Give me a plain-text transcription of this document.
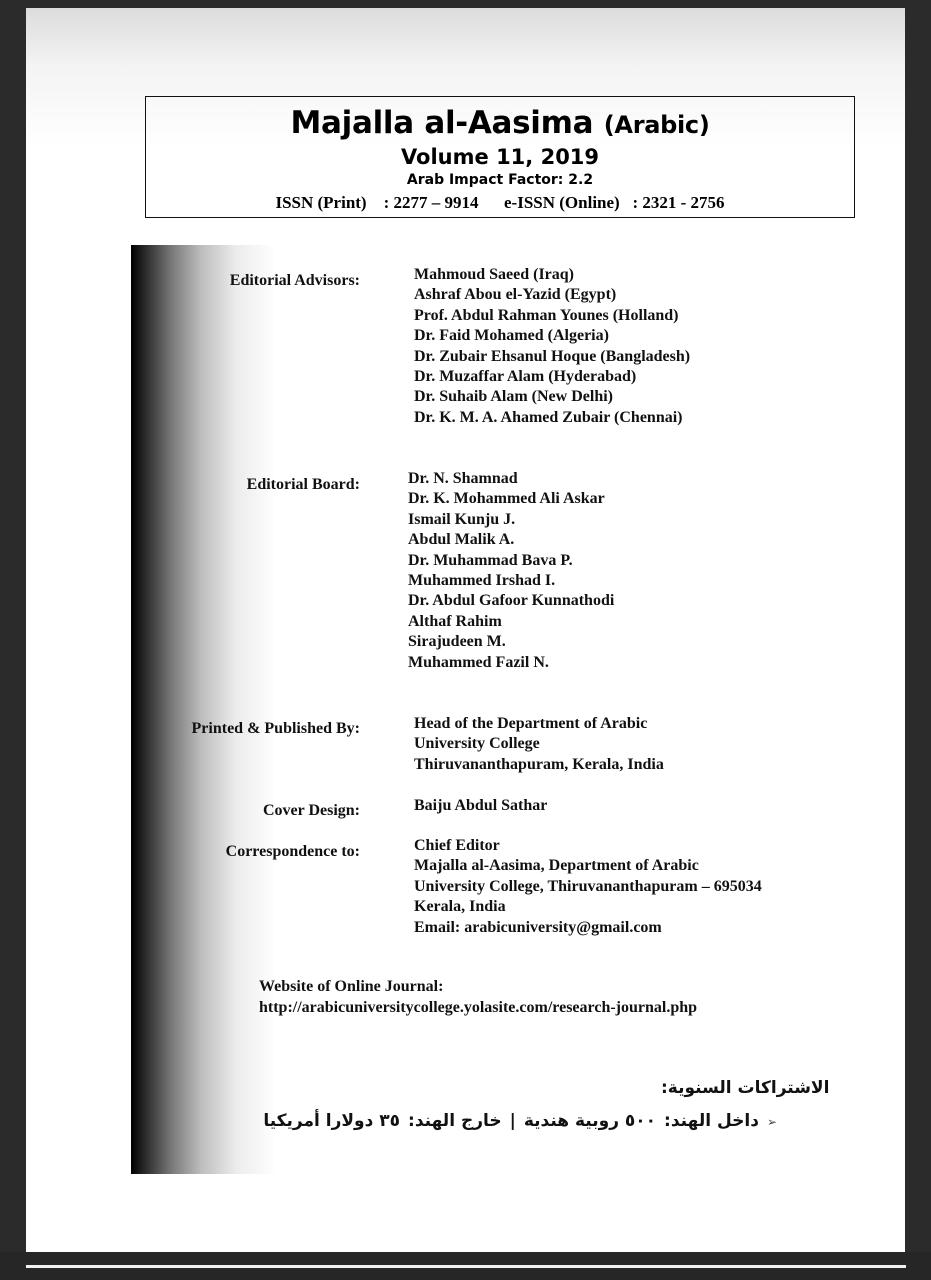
Majalla al-Aasima (Arabic)
Volume 11, 2019
Arab Impact Factor: 2.2
ISSN (Print)    : 2277 – 9914      e-ISSN (Online)   : 2321 - 2756
Editorial Advisors:	Mahmoud Saeed (Iraq)
Ashraf Abou el-Yazid (Egypt)
Prof. Abdul Rahman Younes (Holland)
Dr. Faid Mohamed (Algeria)
Dr. Zubair Ehsanul Hoque (Bangladesh)
Dr. Muzaffar Alam (Hyderabad)
Dr. Suhaib Alam (New Delhi)
Dr. K. M. A. Ahamed Zubair (Chennai)
Editorial Board:	Dr. N. Shamnad
Dr. K. Mohammed Ali Askar
Ismail Kunju J.
Abdul Malik A.
Dr. Muhammad Bava P.
Muhammed Irshad I.
Dr. Abdul Gafoor Kunnathodi
Althaf Rahim
Sirajudeen M.
Muhammed Fazil N.
Printed & Published By:	Head of the Department of Arabic
University College
Thiruvananthapuram, Kerala, India
Cover Design:	Baiju Abdul Sathar
Correspondence to:	Chief Editor
Majalla al-Aasima, Department of Arabic
University College, Thiruvananthapuram – 695034
Kerala, India
Email: arabicuniversity@gmail.com
Website of Online Journal:
http://arabicuniversitycollege.yolasite.com/research-journal.php
الاشتراكات السنوية:
➢داخل الهند:٥٠٠ روبية هندية|خارج الهند:٣٥ دولارا أمريكيا
